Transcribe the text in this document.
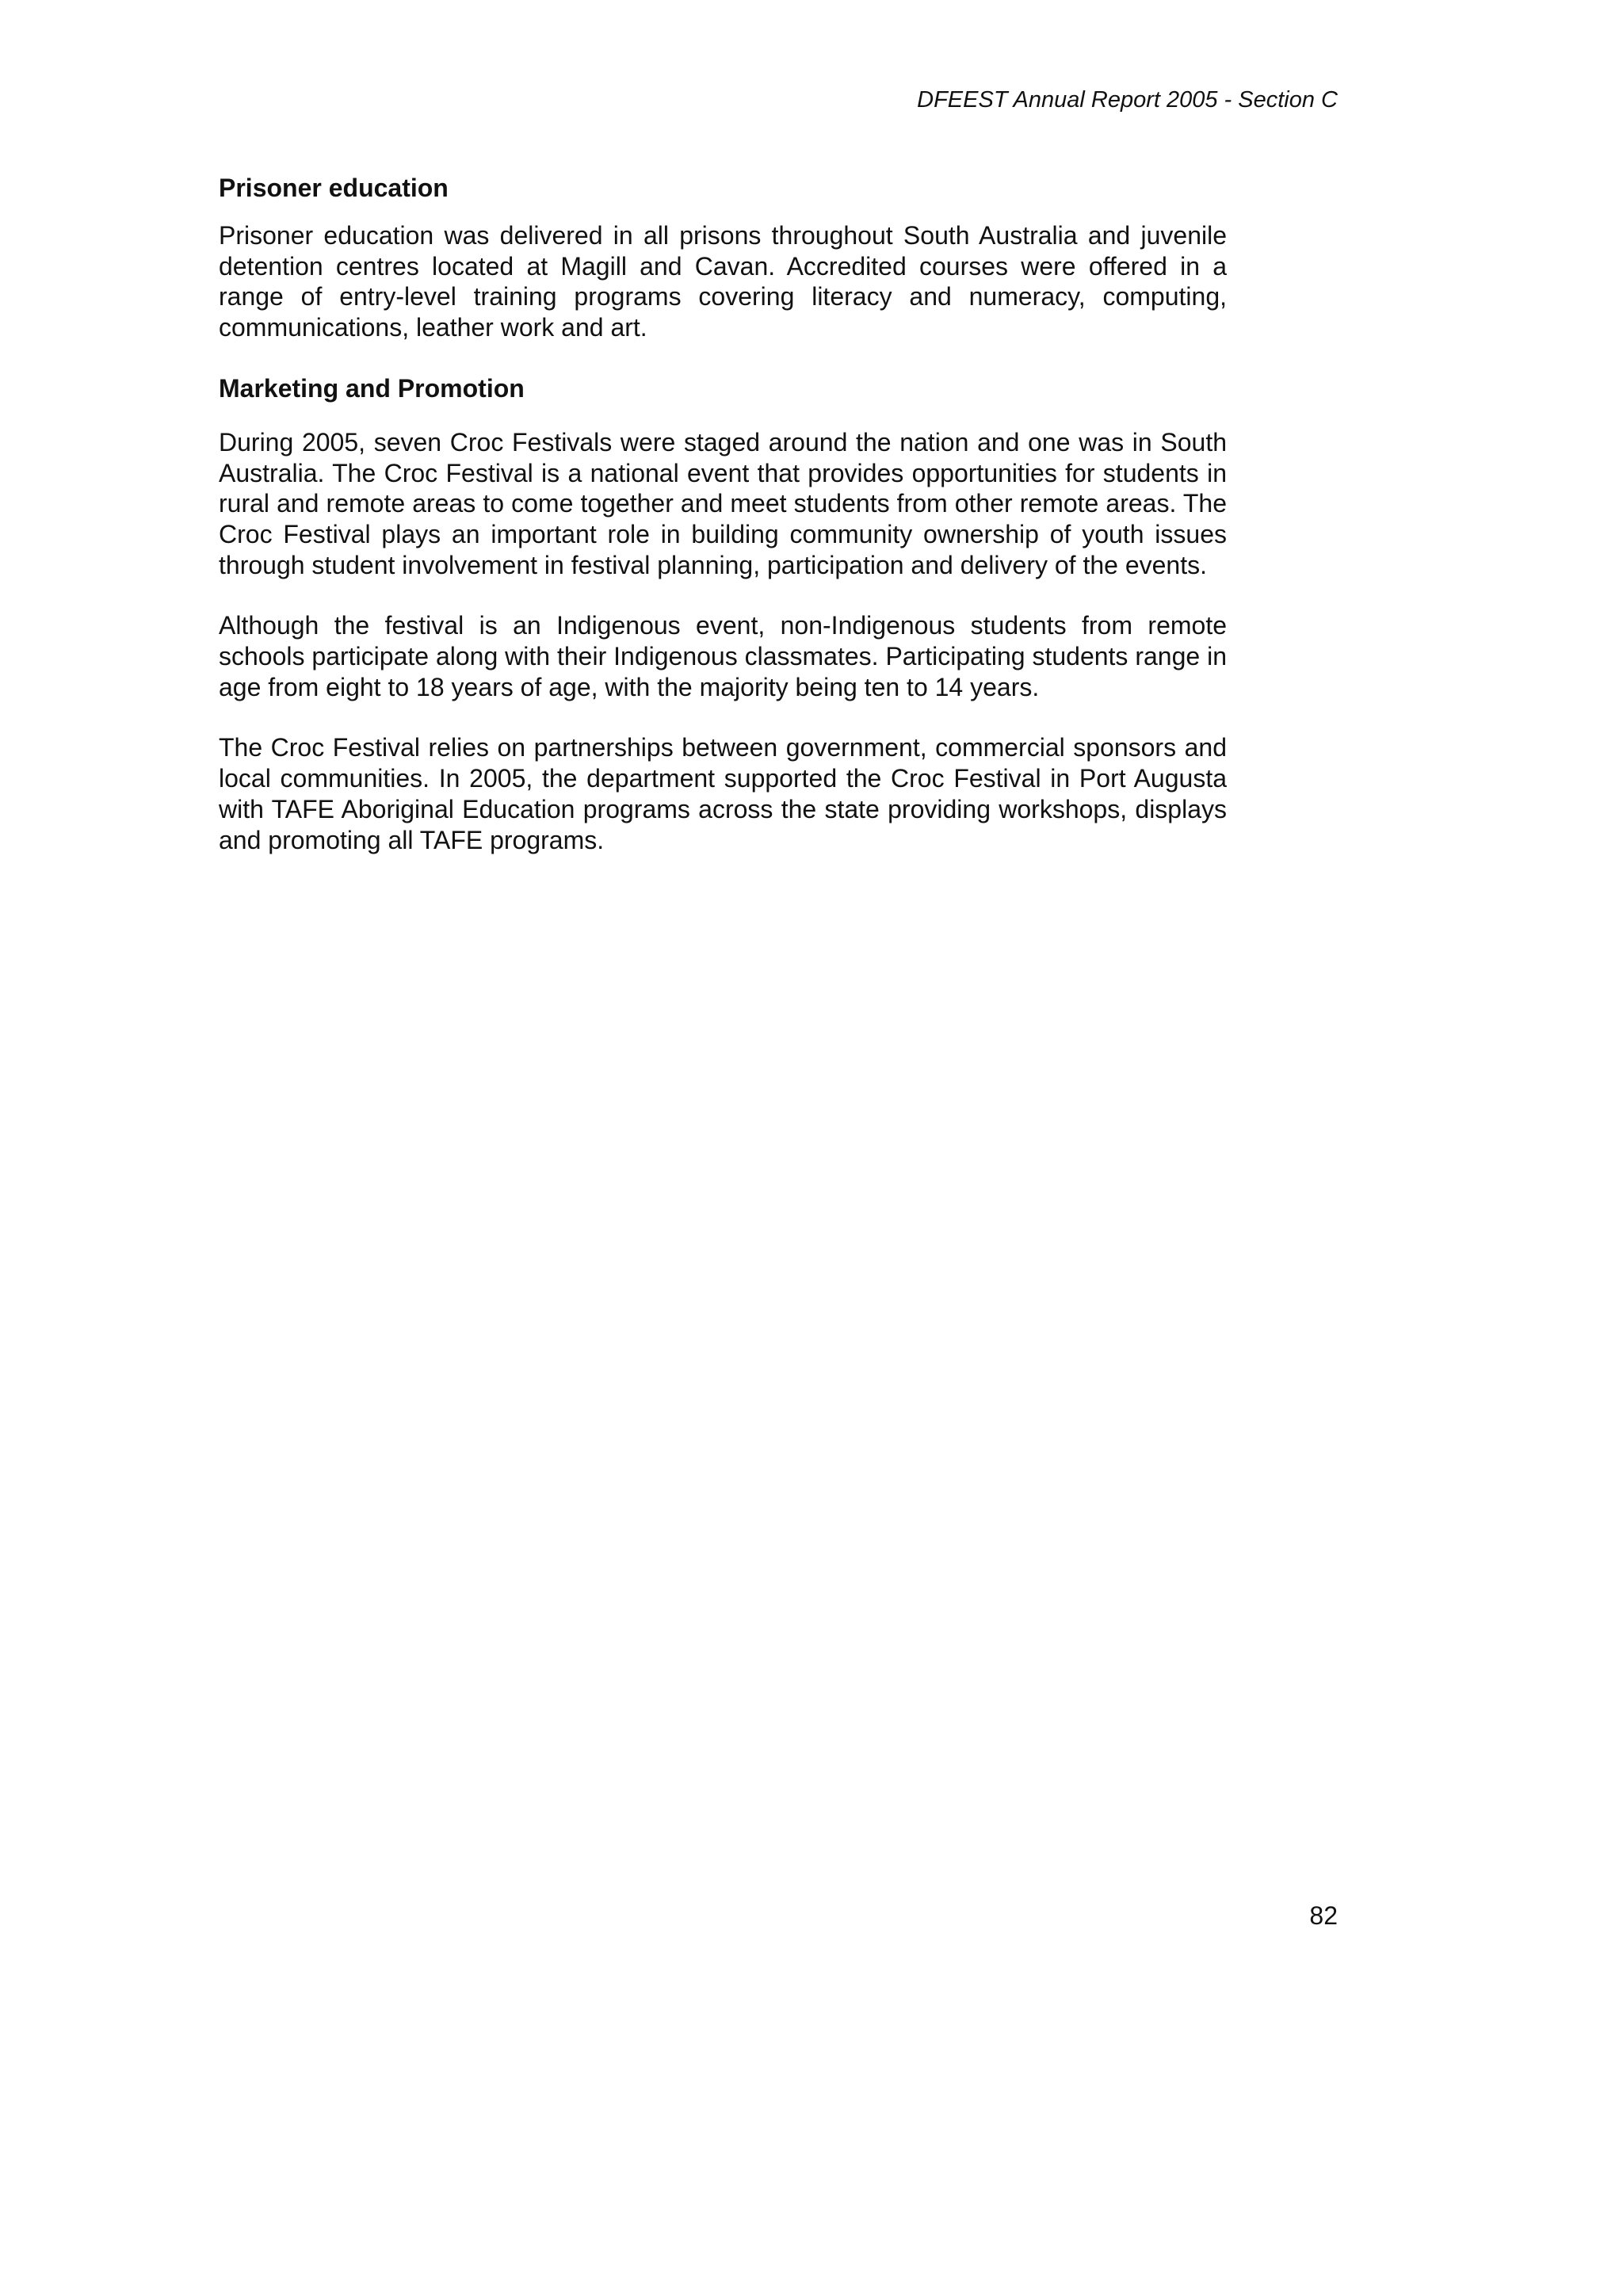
DFEEST Annual Report 2005 - Section C
Prisoner education

Prisoner education was delivered in all prisons throughout South Australia and juvenile detention centres located at Magill and Cavan. Accredited courses were offered in a range of entry-level training programs covering literacy and numeracy, computing, communications, leather work and art.

Marketing and Promotion

During 2005, seven Croc Festivals were staged around the nation and one was in South Australia. The Croc Festival is a national event that provides opportunities for students in rural and remote areas to come together and meet students from other remote areas. The Croc Festival plays an important role in building community ownership of youth issues through student involvement in festival planning, participation and delivery of the events.

Although the festival is an Indigenous event, non-Indigenous students from remote schools participate along with their Indigenous classmates. Participating students range in age from eight to 18 years of age, with the majority being ten to 14 years.

The Croc Festival relies on partnerships between government, commercial sponsors and local communities. In 2005, the department supported the Croc Festival in Port Augusta with TAFE Aboriginal Education programs across the state providing workshops, displays and promoting all TAFE programs.

82
